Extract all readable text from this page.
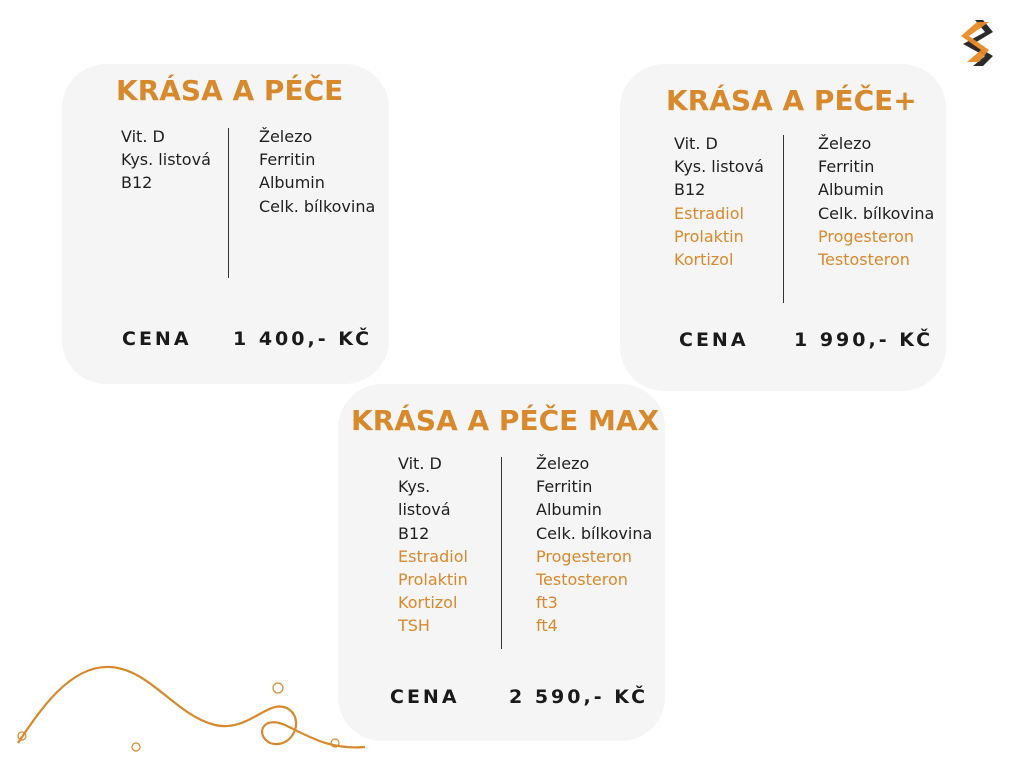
KRÁSA A PÉČE
Vit. D
Kys. listová
B12
Železo
Ferritin
Albumin
Celk. bílkovina
CENA 1 400,- KČ
KRÁSA A PÉČE+
Vit. D
Kys. listová
B12
Estradiol
Prolaktin
Kortizol
Železo
Ferritin
Albumin
Celk. bílkovina
Progesteron
Testosteron
CENA 1 990,- KČ
KRÁSA A PÉČE MAX
Vit. D
Kys.
listová
B12
Estradiol
Prolaktin
Kortizol
TSH
Železo
Ferritin
Albumin
Celk. bílkovina
Progesteron
Testosteron
ft3
ft4
CENA	2 590,- KČ
